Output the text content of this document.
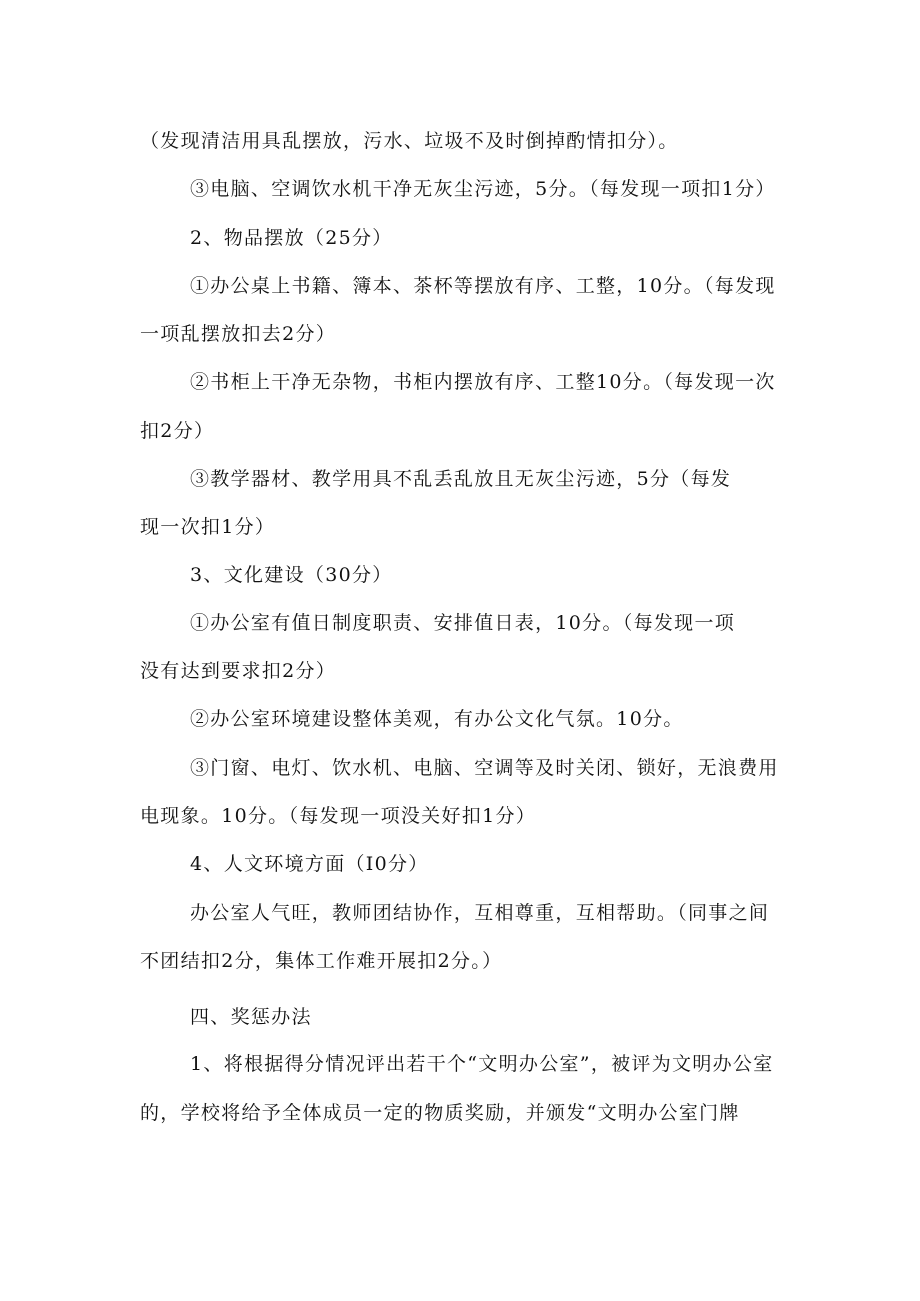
（发现清洁用具乱摆放，污水、垃圾不及时倒掉酌情扣分）。
③电脑、空调饮水机干净无灰尘污迹，5分。（每发现一项扣1分）
2、物品摆放（25分）
①办公桌上书籍、簿本、茶杯等摆放有序、工整，10分。（每发现
一项乱摆放扣去2分）
②书柜上干净无杂物，书柜内摆放有序、工整10分。（每发现一次
扣2分）
③教学器材、教学用具不乱丢乱放且无灰尘污迹，5分（每发
现一次扣1分）
3、文化建设（30分）
①办公室有值日制度职责、安排值日表，10分。（每发现一项
没有达到要求扣2分）
②办公室环境建设整体美观，有办公文化气氛。10分。
③门窗、电灯、饮水机、电脑、空调等及时关闭、锁好，无浪费用
电现象。10分。（每发现一项没关好扣1分）
4、人文环境方面（I0分）
办公室人气旺，教师团结协作，互相尊重，互相帮助。（同事之间
不团结扣2分，集体工作难开展扣2分。）
四、奖惩办法
1、将根据得分情况评出若干个“文明办公室”，被评为文明办公室
的，学校将给予全体成员一定的物质奖励，并颁发“文明办公室门牌
